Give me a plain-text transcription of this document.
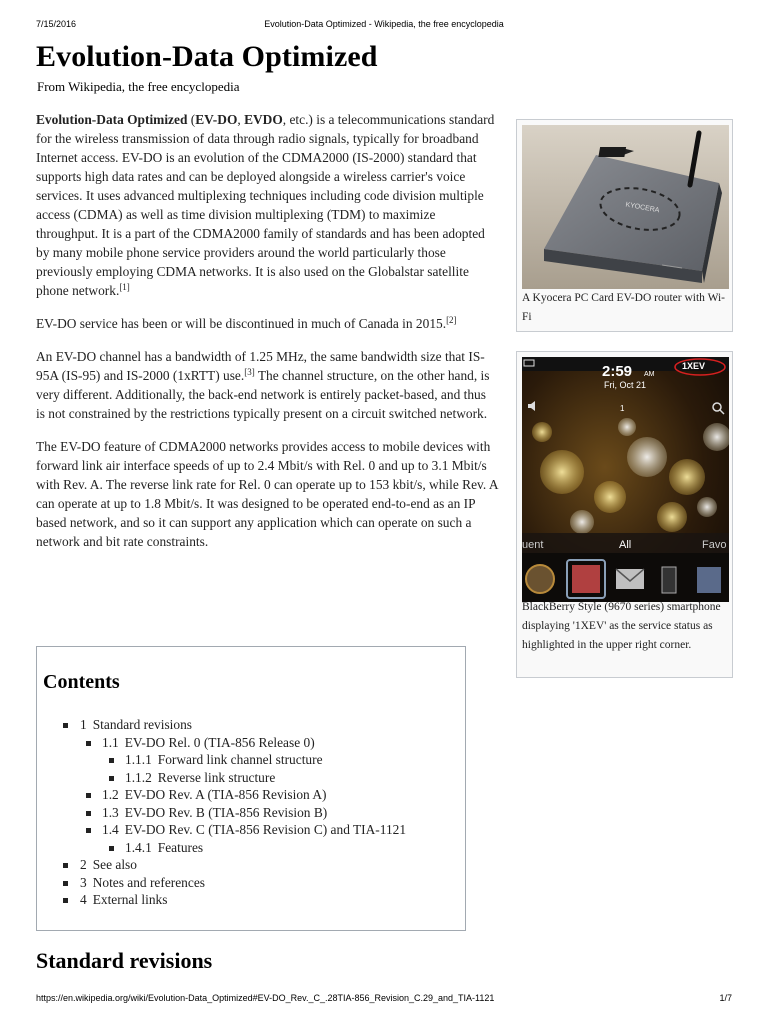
7/15/2016	Evolution-Data Optimized - Wikipedia, the free encyclopedia
Evolution-Data Optimized
From Wikipedia, the free encyclopedia

Evolution-Data Optimized (EV-DO, EVDO, etc.) is a telecommunications standard for the wireless transmission of data through radio signals, typically for broadband Internet access. EV-DO is an evolution of the CDMA2000 (IS-2000) standard that supports high data rates and can be deployed alongside a wireless carrier's voice services. It uses advanced multiplexing techniques including code division multiple access (CDMA) as well as time division multiplexing (TDM) to maximize throughput. It is a part of the CDMA2000 family of standards and has been adopted by many mobile phone service providers around the world particularly those previously employing CDMA networks. It is also used on the Globalstar satellite phone network.[1]

EV-DO service has been or will be discontinued in much of Canada in 2015.[2]

An EV-DO channel has a bandwidth of 1.25 MHz, the same bandwidth size that IS-95A (IS-95) and IS-2000 (1xRTT) use.[3] The channel structure, on the other hand, is very different. Additionally, the back-end network is entirely packet-based, and thus is not constrained by the restrictions typically present on a circuit switched network.

The EV-DO feature of CDMA2000 networks provides access to mobile devices with forward link air interface speeds of up to 2.4 Mbit/s with Rel. 0 and up to 3.1 Mbit/s with Rev. A. The reverse link rate for Rel. 0 can operate up to 153 kbit/s, while Rev. A can operate at up to 1.8 Mbit/s. It was designed to be operated end-to-end as an IP based network, and so it can support any application which can operate on such a network and bit rate constraints.

KYOCERA
A Kyocera PC Card EV-DO router with Wi-Fi
2:59 AM
Fri, Oct 21
1XEV
1
uent	All	Favo
BlackBerry Style (9670 series) smartphone displaying '1XEV' as the service status as highlighted in the upper right corner.
Contents
1 Standard revisions
1.1 EV-DO Rel. 0 (TIA-856 Release 0)
1.1.1 Forward link channel structure
1.1.2 Reverse link structure
1.2 EV-DO Rev. A (TIA-856 Revision A)
1.3 EV-DO Rev. B (TIA-856 Revision B)
1.4 EV-DO Rev. C (TIA-856 Revision C) and TIA-1121
1.4.1 Features
2 See also
3 Notes and references
4 External links
Standard revisions
https://en.wikipedia.org/wiki/Evolution-Data_Optimized#EV-DO_Rev._C_.28TIA-856_Revision_C.29_and_TIA-1121	1/7
